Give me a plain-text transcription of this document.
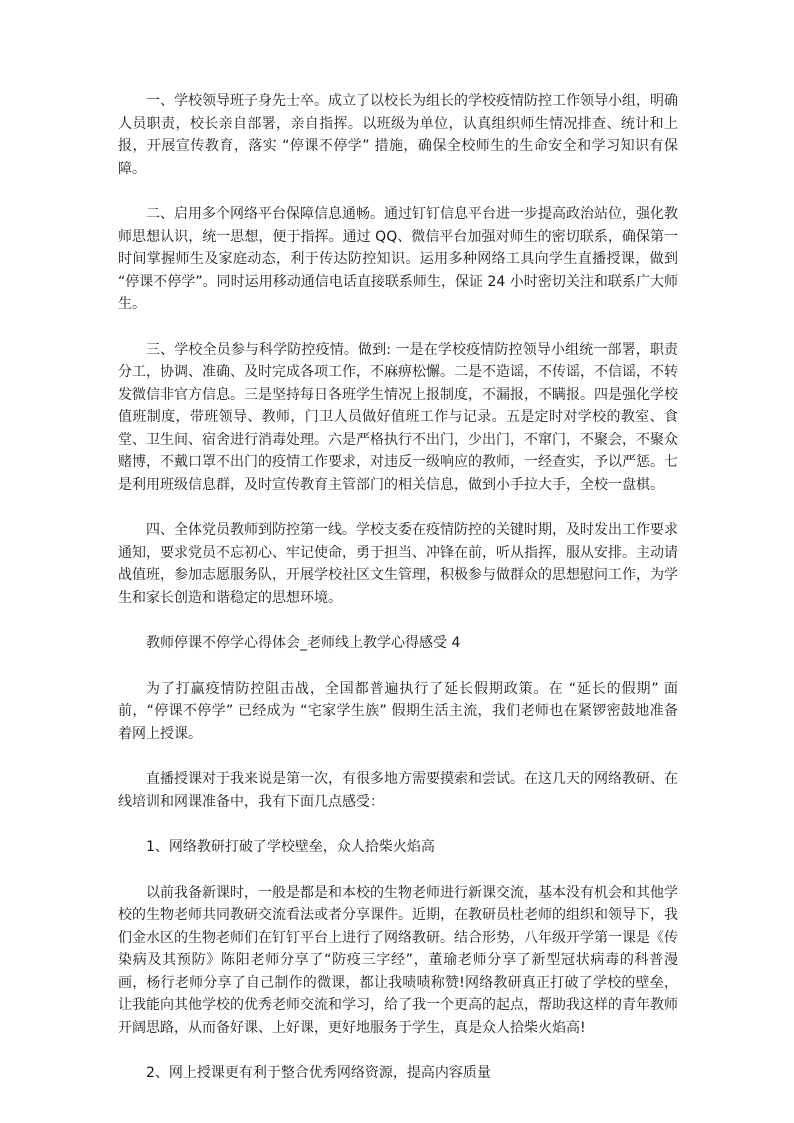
一、学校领导班子身先士卒。成立了以校长为组长的学校疫情防控工作领导小组，明确人员职责，校长亲自部署，亲自指挥。以班级为单位，认真组织师生情况排查、统计和上报，开展宣传教育，落实 “停课不停学” 措施，确保全校师生的生命安全和学习知识有保障。

二、启用多个网络平台保障信息通畅。通过钉钉信息平台进一步提高政治站位，强化教师思想认识，统一思想，便于指挥。通过 QQ、微信平台加强对师生的密切联系，确保第一时间掌握师生及家庭动态，利于传达防控知识。运用多种网络工具向学生直播授课，做到 “停课不停学”。同时运用移动通信电话直接联系师生，保证 24 小时密切关注和联系广大师生。

三、学校全员参与科学防控疫情。做到: 一是在学校疫情防控领导小组统一部署，职责分工，协调、准确、及时完成各项工作，不麻痹松懈。二是不造谣，不传谣，不信谣，不转发微信非官方信息。三是坚持每日各班学生情况上报制度，不漏报，不瞒报。四是强化学校值班制度，带班领导、教师，门卫人员做好值班工作与记录。五是定时对学校的教室、食堂、卫生间、宿舍进行消毒处理。六是严格执行不出门，少出门，不窜门，不聚会，不聚众赌博，不戴口罩不出门的疫情工作要求，对违反一级响应的教师，一经查实，予以严惩。七是利用班级信息群，及时宣传教育主管部门的相关信息，做到小手拉大手，全校一盘棋。

四、全体党员教师到防控第一线。学校支委在疫情防控的关键时期，及时发出工作要求通知，要求党员不忘初心、牢记使命，勇于担当、冲锋在前，听从指挥，服从安排。主动请战值班，参加志愿服务队，开展学校社区文生管理，积极参与做群众的思想慰问工作，为学生和家长创造和谐稳定的思想环境。

教师停课不停学心得体会_老师线上教学心得感受 4

为了打赢疫情防控阻击战，全国都普遍执行了延长假期政策。在 “延长的假期” 面前，“停课不停学” 已经成为 “宅家学生族” 假期生活主流，我们老师也在紧锣密鼓地准备着网上授课。

直播授课对于我来说是第一次，有很多地方需要摸索和尝试。在这几天的网络教研、在线培训和网课准备中，我有下面几点感受：

1、网络教研打破了学校壁垒，众人拾柴火焰高

以前我备新课时，一般是都是和本校的生物老师进行新课交流，基本没有机会和其他学校的生物老师共同教研交流看法或者分享课件。近期，在教研员杜老师的组织和领导下，我们金水区的生物老师们在钉钉平台上进行了网络教研。结合形势，八年级开学第一课是《传染病及其预防》陈阳老师分享了“防疫三字经”，董瑜老师分享了新型冠状病毒的科普漫画，杨行老师分享了自己制作的微课，都让我啧啧称赞!网络教研真正打破了学校的壁垒，让我能向其他学校的优秀老师交流和学习，给了我一个更高的起点，帮助我这样的青年教师开阔思路，从而备好课、上好课，更好地服务于学生，真是众人拾柴火焰高!

2、网上授课更有利于整合优秀网络资源，提高内容质量
